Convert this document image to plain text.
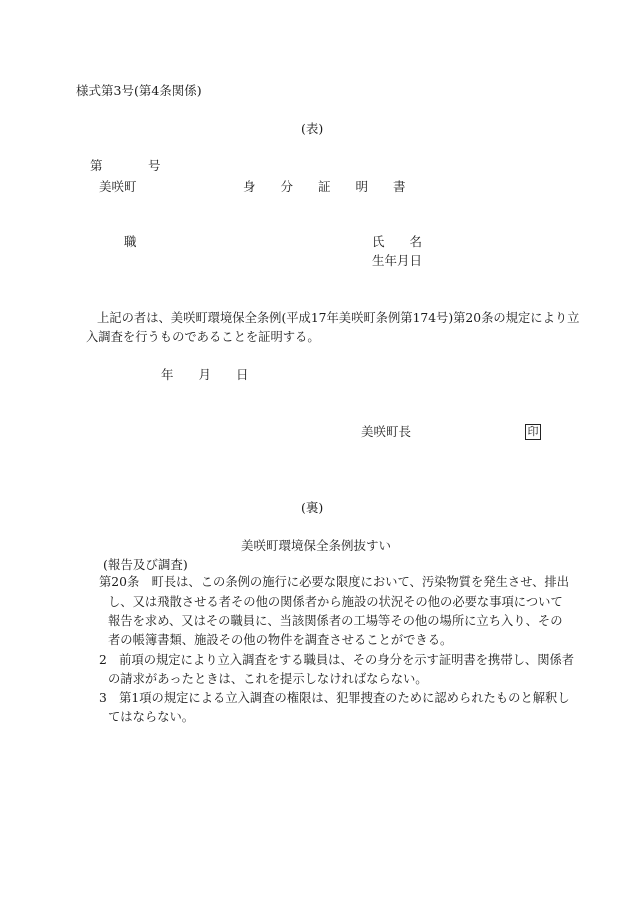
様式第3号(第4条関係)
(表)
第	号
美咲町	身　　分　　証　　明　　書
職	氏　　名
生年月日
上記の者は、美咲町環境保全条例(平成17年美咲町条例第174号)第20条の規定により立
入調査を行うものであることを証明する。
年　　月　　日
美咲町長	印
(裏)
美咲町環境保全条例抜すい
(報告及び調査)
第20条　町長は、この条例の施行に必要な限度において、汚染物質を発生させ、排出
し、又は飛散させる者その他の関係者から施設の状況その他の必要な事項について
報告を求め、又はその職員に、当該関係者の工場等その他の場所に立ち入り、その
者の帳簿書類、施設その他の物件を調査させることができる。
2　前項の規定により立入調査をする職員は、その身分を示す証明書を携帯し、関係者
の請求があったときは、これを提示しなければならない。
3　第1項の規定による立入調査の権限は、犯罪捜査のために認められたものと解釈し
てはならない。
